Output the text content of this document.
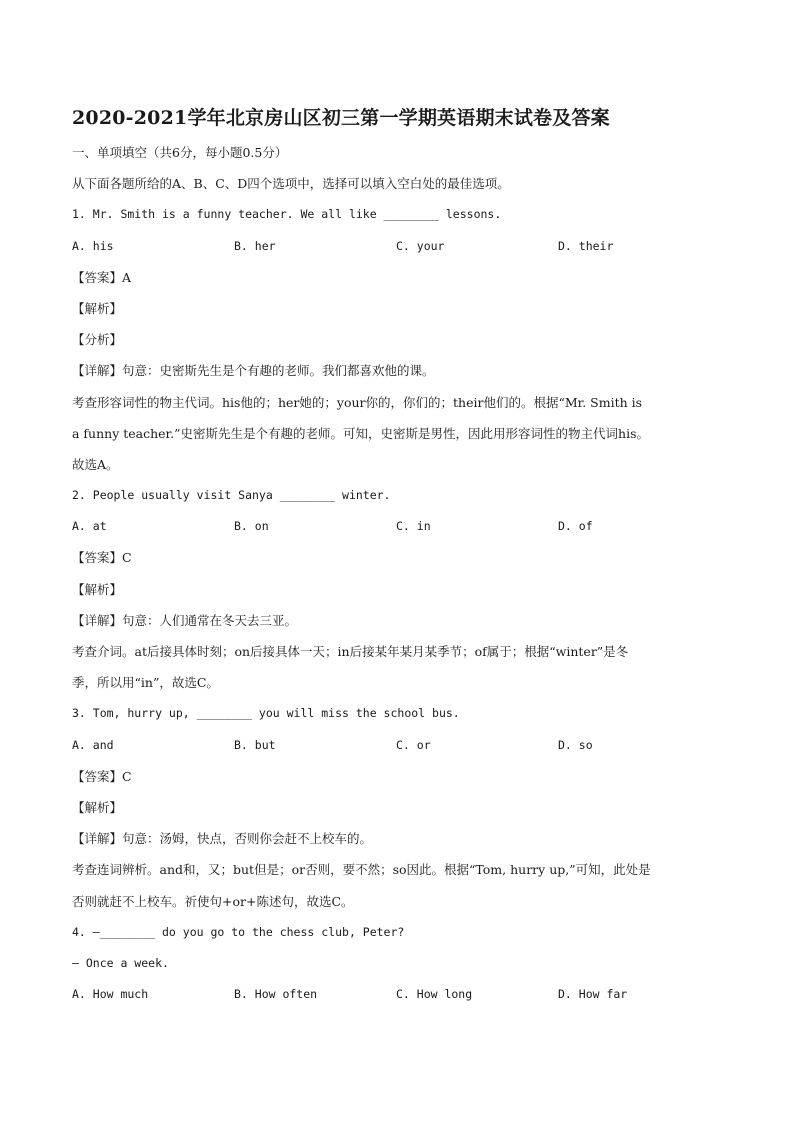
2020-2021学年北京房山区初三第一学期英语期末试卷及答案
一、单项填空（共6分，每小题0.5分）
从下面各题所给的A、B、C、D四个选项中，选择可以填入空白处的最佳选项。
1. Mr. Smith is a funny teacher. We all like ________ lessons.
A. his	B. her	C. your	D. their
【答案】A
【解析】
【分析】
【详解】句意：史密斯先生是个有趣的老师。我们都喜欢他的课。
考查形容词性的物主代词。his他的；her她的；your你的，你们的；their他们的。根据“Mr. Smith is
a funny teacher.”史密斯先生是个有趣的老师。可知，史密斯是男性，因此用形容词性的物主代词his。
故选A。
2. People usually visit Sanya ________ winter.
A. at	B. on	C. in	D. of
【答案】C
【解析】
【详解】句意：人们通常在冬天去三亚。
考查介词。at后接具体时刻；on后接具体一天；in后接某年某月某季节；of属于；根据“winter”是冬
季，所以用“in”，故选C。
3. Tom, hurry up, ________ you will miss the school bus.
A. and	B. but	C. or	D. so
【答案】C
【解析】
【详解】句意：汤姆，快点，否则你会赶不上校车的。
考查连词辨析。and和，又；but但是；or否则，要不然；so因此。根据“Tom, hurry up,”可知，此处是
否则就赶不上校车。祈使句+or+陈述句，故选C。
4. —________ do you go to the chess club, Peter?
— Once a week.
A. How much	B. How often	C. How long	D. How far
